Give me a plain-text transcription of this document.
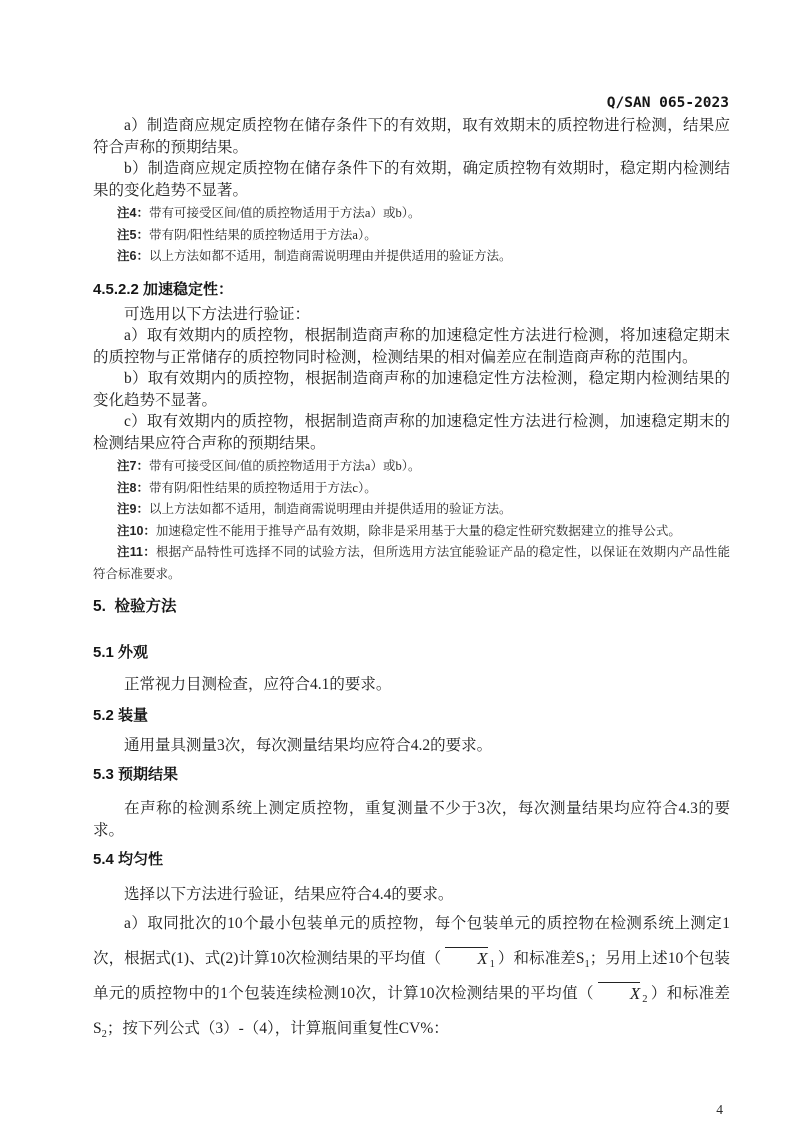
Q/SAN 065-2023

a）制造商应规定质控物在储存条件下的有效期，取有效期末的质控物进行检测，结果应符合声称的预期结果。

b）制造商应规定质控物在储存条件下的有效期，确定质控物有效期时，稳定期内检测结果的变化趋势不显著。

注4：带有可接受区间/值的质控物适用于方法a）或b）。

注5：带有阴/阳性结果的质控物适用于方法a）。

注6：以上方法如都不适用，制造商需说明理由并提供适用的验证方法。

4.5.2.2 加速稳定性：

可选用以下方法进行验证：

a）取有效期内的质控物，根据制造商声称的加速稳定性方法进行检测，将加速稳定期末的质控物与正常储存的质控物同时检测，检测结果的相对偏差应在制造商声称的范围内。

b）取有效期内的质控物，根据制造商声称的加速稳定性方法检测，稳定期内检测结果的变化趋势不显著。

c）取有效期内的质控物，根据制造商声称的加速稳定性方法进行检测，加速稳定期末的检测结果应符合声称的预期结果。

注7：带有可接受区间/值的质控物适用于方法a）或b）。

注8：带有阴/阳性结果的质控物适用于方法c）。

注9：以上方法如都不适用，制造商需说明理由并提供适用的验证方法。

注10：加速稳定性不能用于推导产品有效期，除非是采用基于大量的稳定性研究数据建立的推导公式。

注11：根据产品特性可选择不同的试验方法，但所选用方法宜能验证产品的稳定性，以保证在效期内产品性能符合标准要求。

5.  检验方法

5.1 外观

正常视力目测检查，应符合4.1的要求。

5.2 装量

通用量具测量3次，每次测量结果均应符合4.2的要求。

5.3 预期结果

在声称的检测系统上测定质控物，重复测量不少于3次，每次测量结果均应符合4.3的要求。

5.4 均匀性

选择以下方法进行验证，结果应符合4.4的要求。

a）取同批次的10个最小包装单元的质控物，每个包装单元的质控物在检测系统上测定1次，根据式(1)、式(2)计算10次检测结果的平均值（ X $_1$ ）和标准差$S_1$；另用上述10个包装单元的质控物中的1个包装连续检测10次，计算10次检测结果的平均值（ X $_2$ ）和标准差$S_2$；按下列公式（3）-（4），计算瓶间重复性CV%：

4
